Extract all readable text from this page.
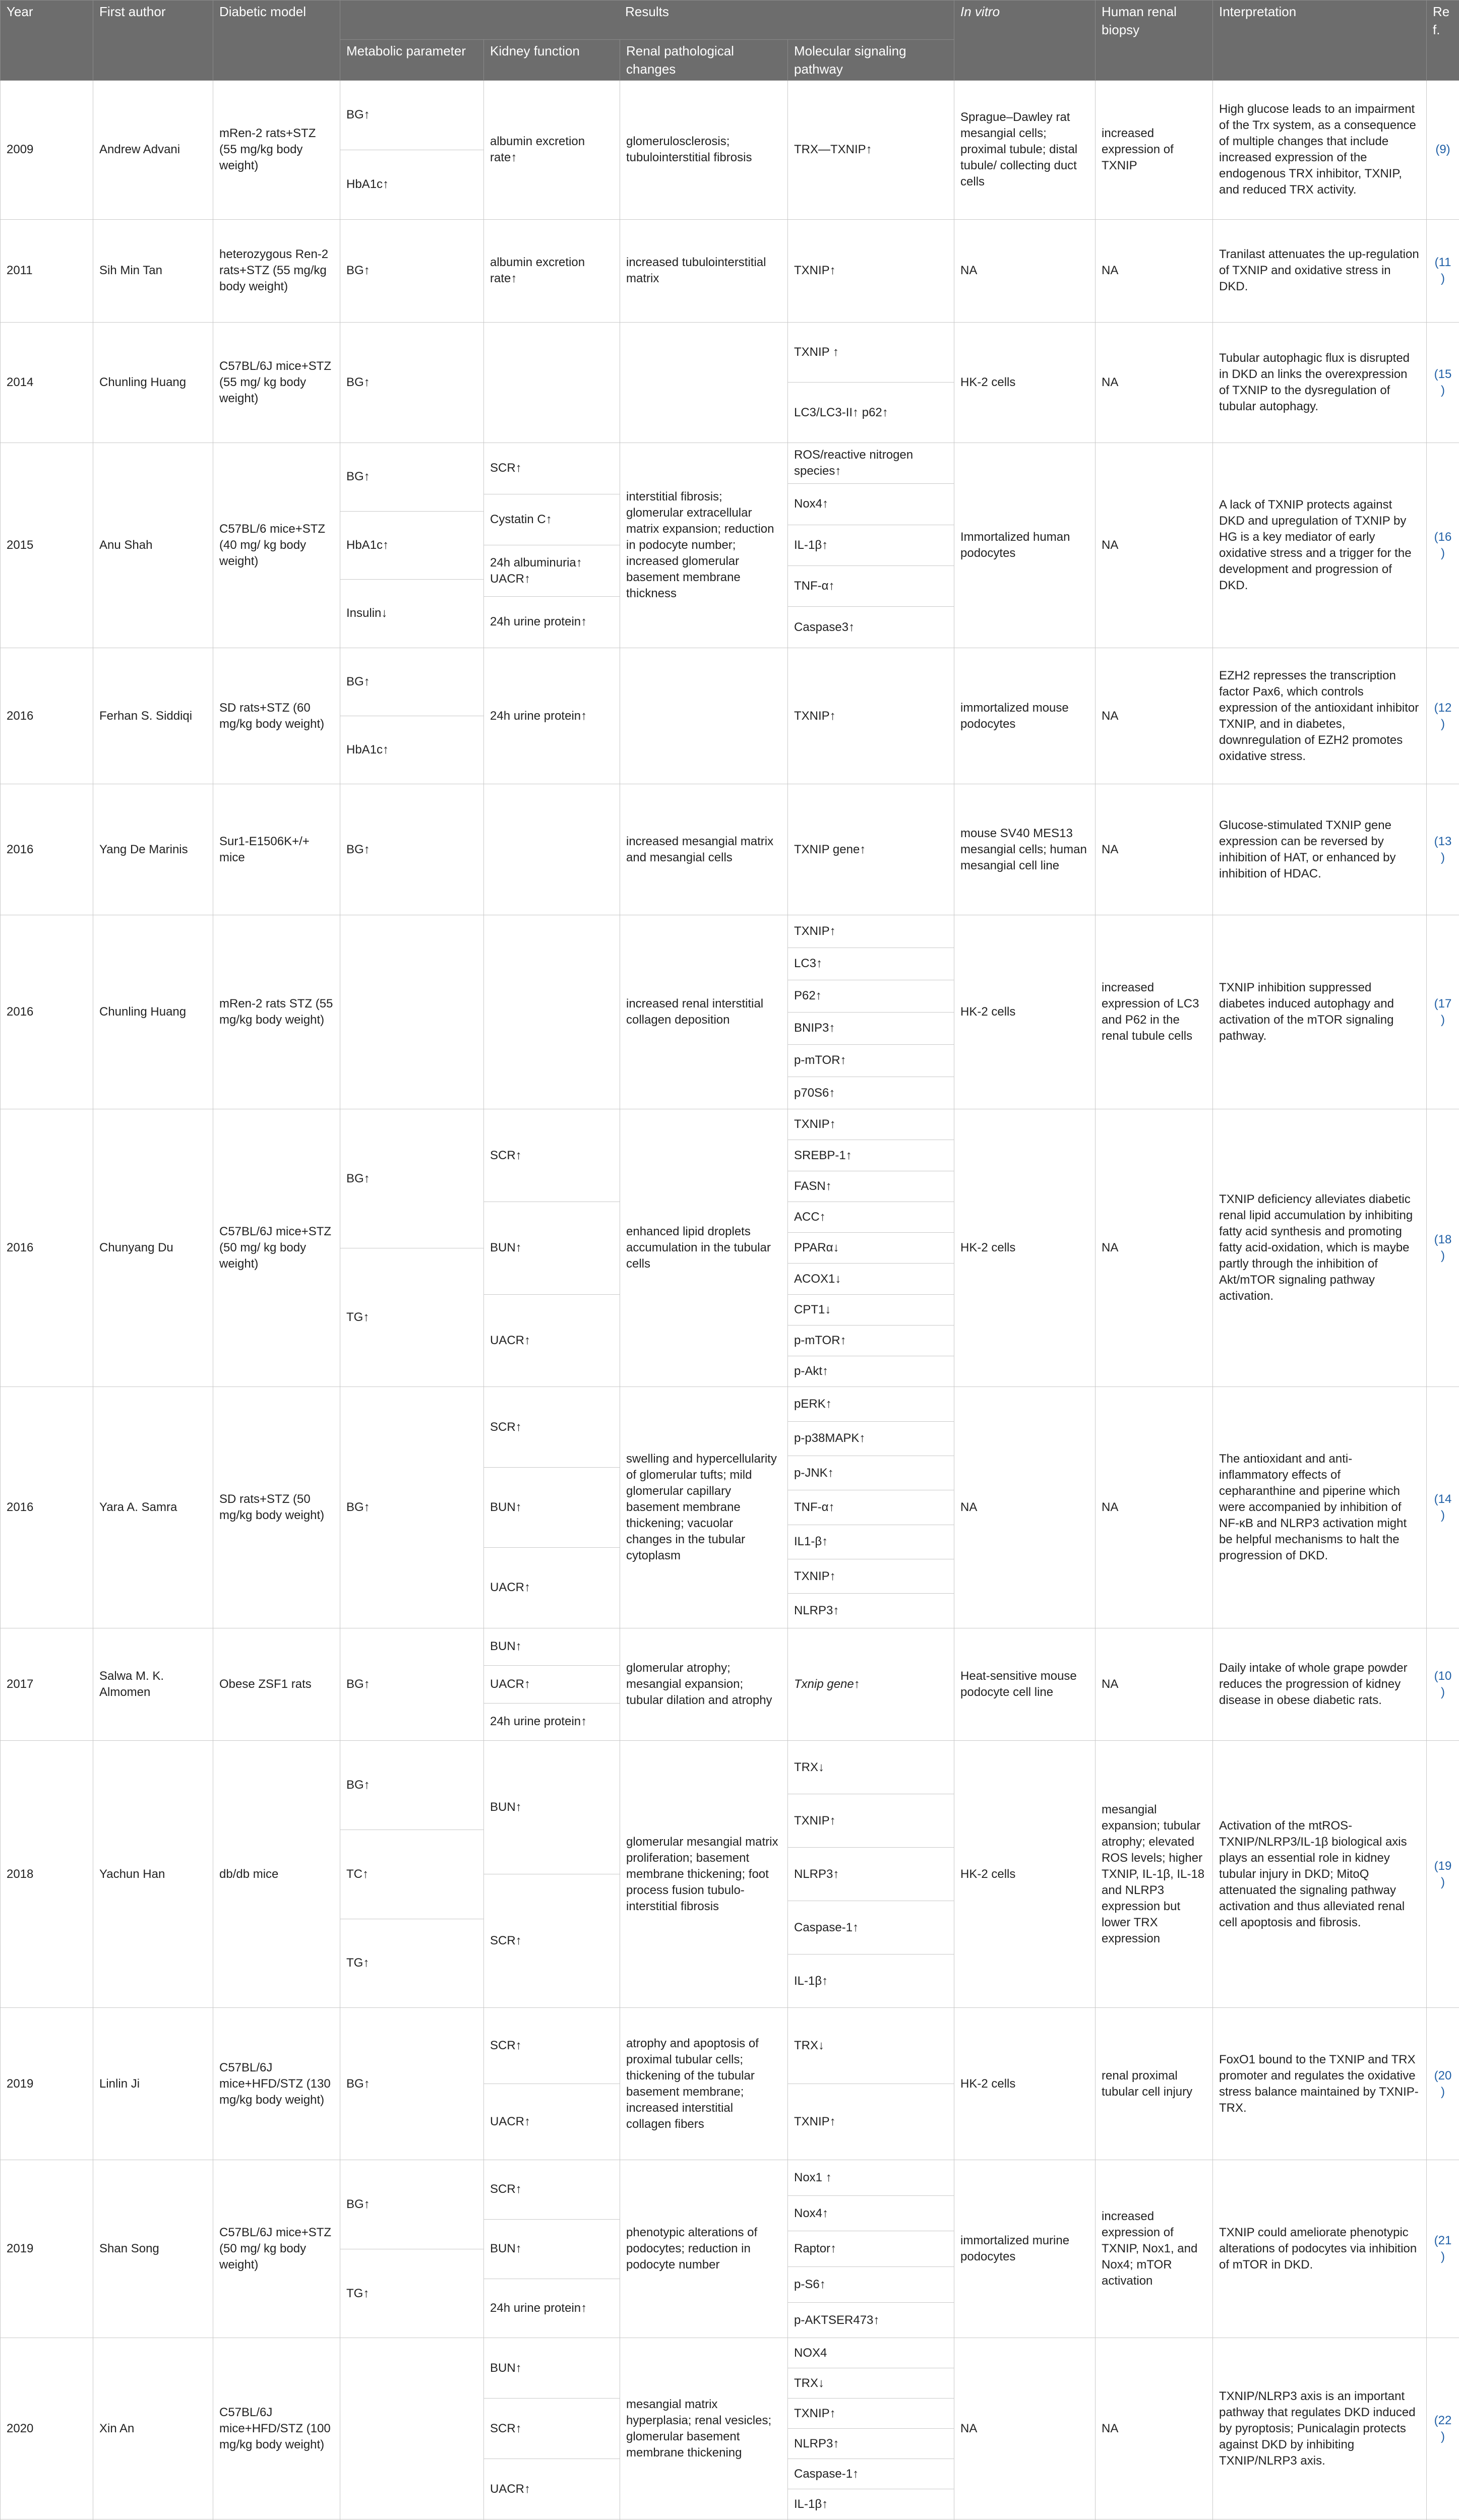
Year	First author	Diabetic model	Results				In vitro	Human renal biopsy	Interpretation	Ref.
			Metabolic parameter	Kidney function	Renal pathological changes	Molecular signaling pathway				
2009	Andrew Advani	mRen-2 rats+STZ (55 mg/kg body weight)	BG↑	albumin excretion rate↑	glomerulosclerosis; tubulointerstitial fibrosis	TRX—TXNIP↑	Sprague–Dawley rat mesangial cells; proximal tubule; distal tubule/ collecting duct cells	increased expression of TXNIP	High glucose leads to an impairment of the Trx system, as a consequence of multiple changes that include increased expression of the endogenous TRX inhibitor, TXNIP, and reduced TRX activity.	(9)
			HbA1c↑							
2011	Sih Min Tan	heterozygous Ren-2 rats+STZ (55 mg/kg body weight)	BG↑	albumin excretion rate↑	increased tubulointerstitial matrix	TXNIP↑	NA	NA	Tranilast attenuates the up-regulation of TXNIP and oxidative stress in DKD.	(11)
2014	Chunling Huang	C57BL/6J mice+STZ (55 mg/ kg body weight)	BG↑			TXNIP ↑	HK-2 cells	NA	Tubular autophagic flux is disrupted in DKD an links the overexpression of TXNIP to the dysregulation of tubular autophagy.	(15)
						LC3/LC3-II↑ p62↑				
2015	Anu Shah	C57BL/6 mice+STZ (40 mg/ kg body weight)	BG↑	SCR↑	interstitial fibrosis; glomerular extracellular matrix expansion; reduction in podocyte number; increased glomerular basement membrane thickness	ROS/reactive nitrogen species↑	Immortalized human podocytes	NA	A lack of TXNIP protects against DKD and upregulation of TXNIP by HG is a key mediator of early oxidative stress and a trigger for the development and progression of DKD.	(16)

						Nox4↑				

				Cystatin C↑						

			HbA1c↑							

						IL-1β↑				

				24h albuminuria↑ UACR↑						

						TNF-α↑				

			Insulin↓							

				24h urine protein↑						

						Caspase3↑				

2016	Ferhan S. Siddiqi	SD rats+STZ (60 mg/kg body weight)	BG↑	24h urine protein↑		TXNIP↑	immortalized mouse podocytes	NA	EZH2 represses the transcription factor Pax6, which controls expression of the antioxidant inhibitor TXNIP, and in diabetes, downregulation of EZH2 promotes oxidative stress.	(12)
			HbA1c↑							
2016	Yang De Marinis	Sur1-E1506K+/+ mice	BG↑		increased mesangial matrix and mesangial cells	TXNIP gene↑	mouse SV40 MES13 mesangial cells; human mesangial cell line	NA	Glucose-stimulated TXNIP gene expression can be reversed by inhibition of HAT, or enhanced by inhibition of HDAC.	(13)
2016	Chunling Huang	mRen-2 rats STZ (55 mg/kg body weight)			increased renal interstitial collagen deposition	TXNIP↑	HK-2 cells	increased expression of LC3 and P62 in the renal tubule cells	TXNIP inhibition suppressed diabetes induced autophagy and activation of the mTOR signaling pathway.	(17)
						LC3↑				
						P62↑				
						BNIP3↑				
						p-mTOR↑				
						p70S6↑				
2016	Chunyang Du	C57BL/6J mice+STZ (50 mg/ kg body weight)	BG↑	SCR↑	enhanced lipid droplets accumulation in the tubular cells	TXNIP↑	HK-2 cells	NA	TXNIP deficiency alleviates diabetic renal lipid accumulation by inhibiting fatty acid synthesis and promoting fatty acid-oxidation, which is maybe partly through the inhibition of Akt/mTOR signaling pathway activation.	(18)

						SREBP-1↑				

						FASN↑				

				BUN↑		ACC↑				

						PPARα↓				
			TG↑							
						ACOX1↓				

				UACR↑		CPT1↓				

						p-mTOR↑				

						p-Akt↑				

2016	Yara A. Samra	SD rats+STZ (50 mg/kg body weight)	BG↑	SCR↑	swelling and hypercellularity of glomerular tufts; mild glomerular capillary basement membrane thickening; vacuolar changes in the tubular cytoplasm	pERK↑	NA	NA	The antioxidant and anti-inflammatory effects of cepharanthine and piperine which were accompanied by inhibition of NF-κB and NLRP3 activation might be helpful mechanisms to halt the progression of DKD.	(14)

						p-p38MAPK↑				

						p-JNK↑				
				BUN↑						

						TNF-α↑				

						IL1-β↑				

				UACR↑						
						TXNIP↑				

						NLRP3↑				

2017	Salwa M. K. Almomen	Obese ZSF1 rats	BG↑	BUN↑	glomerular atrophy; mesangial expansion; tubular dilation and atrophy	Txnip gene↑	Heat-sensitive mouse podocyte cell line	NA	Daily intake of whole grape powder reduces the progression of kidney disease in obese diabetic rats.	(10)
				UACR↑						
				24h urine protein↑						
2018	Yachun Han	db/db mice	BG↑	BUN↑	glomerular mesangial matrix proliferation; basement membrane thickening; foot process fusion tubulo-interstitial fibrosis	TRX↓	HK-2 cells	mesangial expansion; tubular atrophy; elevated ROS levels; higher TXNIP, IL-1β, IL-18 and NLRP3 expression but lower TRX expression	Activation of the mtROS-TXNIP/NLRP3/IL-1β biological axis plays an essential role in kidney tubular injury in DKD; MitoQ attenuated the signaling pathway activation and thus alleviated renal cell apoptosis and fibrosis.	(19)

						TXNIP↑				

			TC↑							

						NLRP3↑				

				SCR↑						

						Caspase-1↑				

			TG↑							

						IL-1β↑				

2019	Linlin Ji	C57BL/6J mice+HFD/STZ (130 mg/kg body weight)	BG↑	SCR↑	atrophy and apoptosis of proximal tubular cells; thickening of the tubular basement membrane; increased interstitial collagen fibers	TRX↓	HK-2 cells	renal proximal tubular cell injury	FoxO1 bound to the TXNIP and TRX promoter and regulates the oxidative stress balance maintained by TXNIP-TRX.	(20)
				UACR↑		TXNIP↑				
2019	Shan Song	C57BL/6J mice+STZ (50 mg/ kg body weight)	BG↑	SCR↑	phenotypic alterations of podocytes; reduction in podocyte number	Nox1 ↑	immortalized murine podocytes	increased expression of TXNIP, Nox1, and Nox4; mTOR activation	TXNIP could ameliorate phenotypic alterations of podocytes via inhibition of mTOR in DKD.	(21)

						Nox4↑				

				BUN↑						

						Raptor↑				

			TG↑							

						p-S6↑				

				24h urine protein↑						

						p-AKTSER473↑				

2020	Xin An	C57BL/6J mice+HFD/STZ (100 mg/kg body weight)		BUN↑	mesangial matrix hyperplasia; renal vesicles; glomerular basement membrane thickening	NOX4	NA	NA	TXNIP/NLRP3 axis is an important pathway that regulates DKD induced by pyroptosis; Punicalagin protects against DKD by inhibiting TXNIP/NLRP3 axis.	(22)
						TRX↓				
				SCR↑		TXNIP↑				
						NLRP3↑				
				UACR↑		Caspase-1↑				
						IL-1β↑				
